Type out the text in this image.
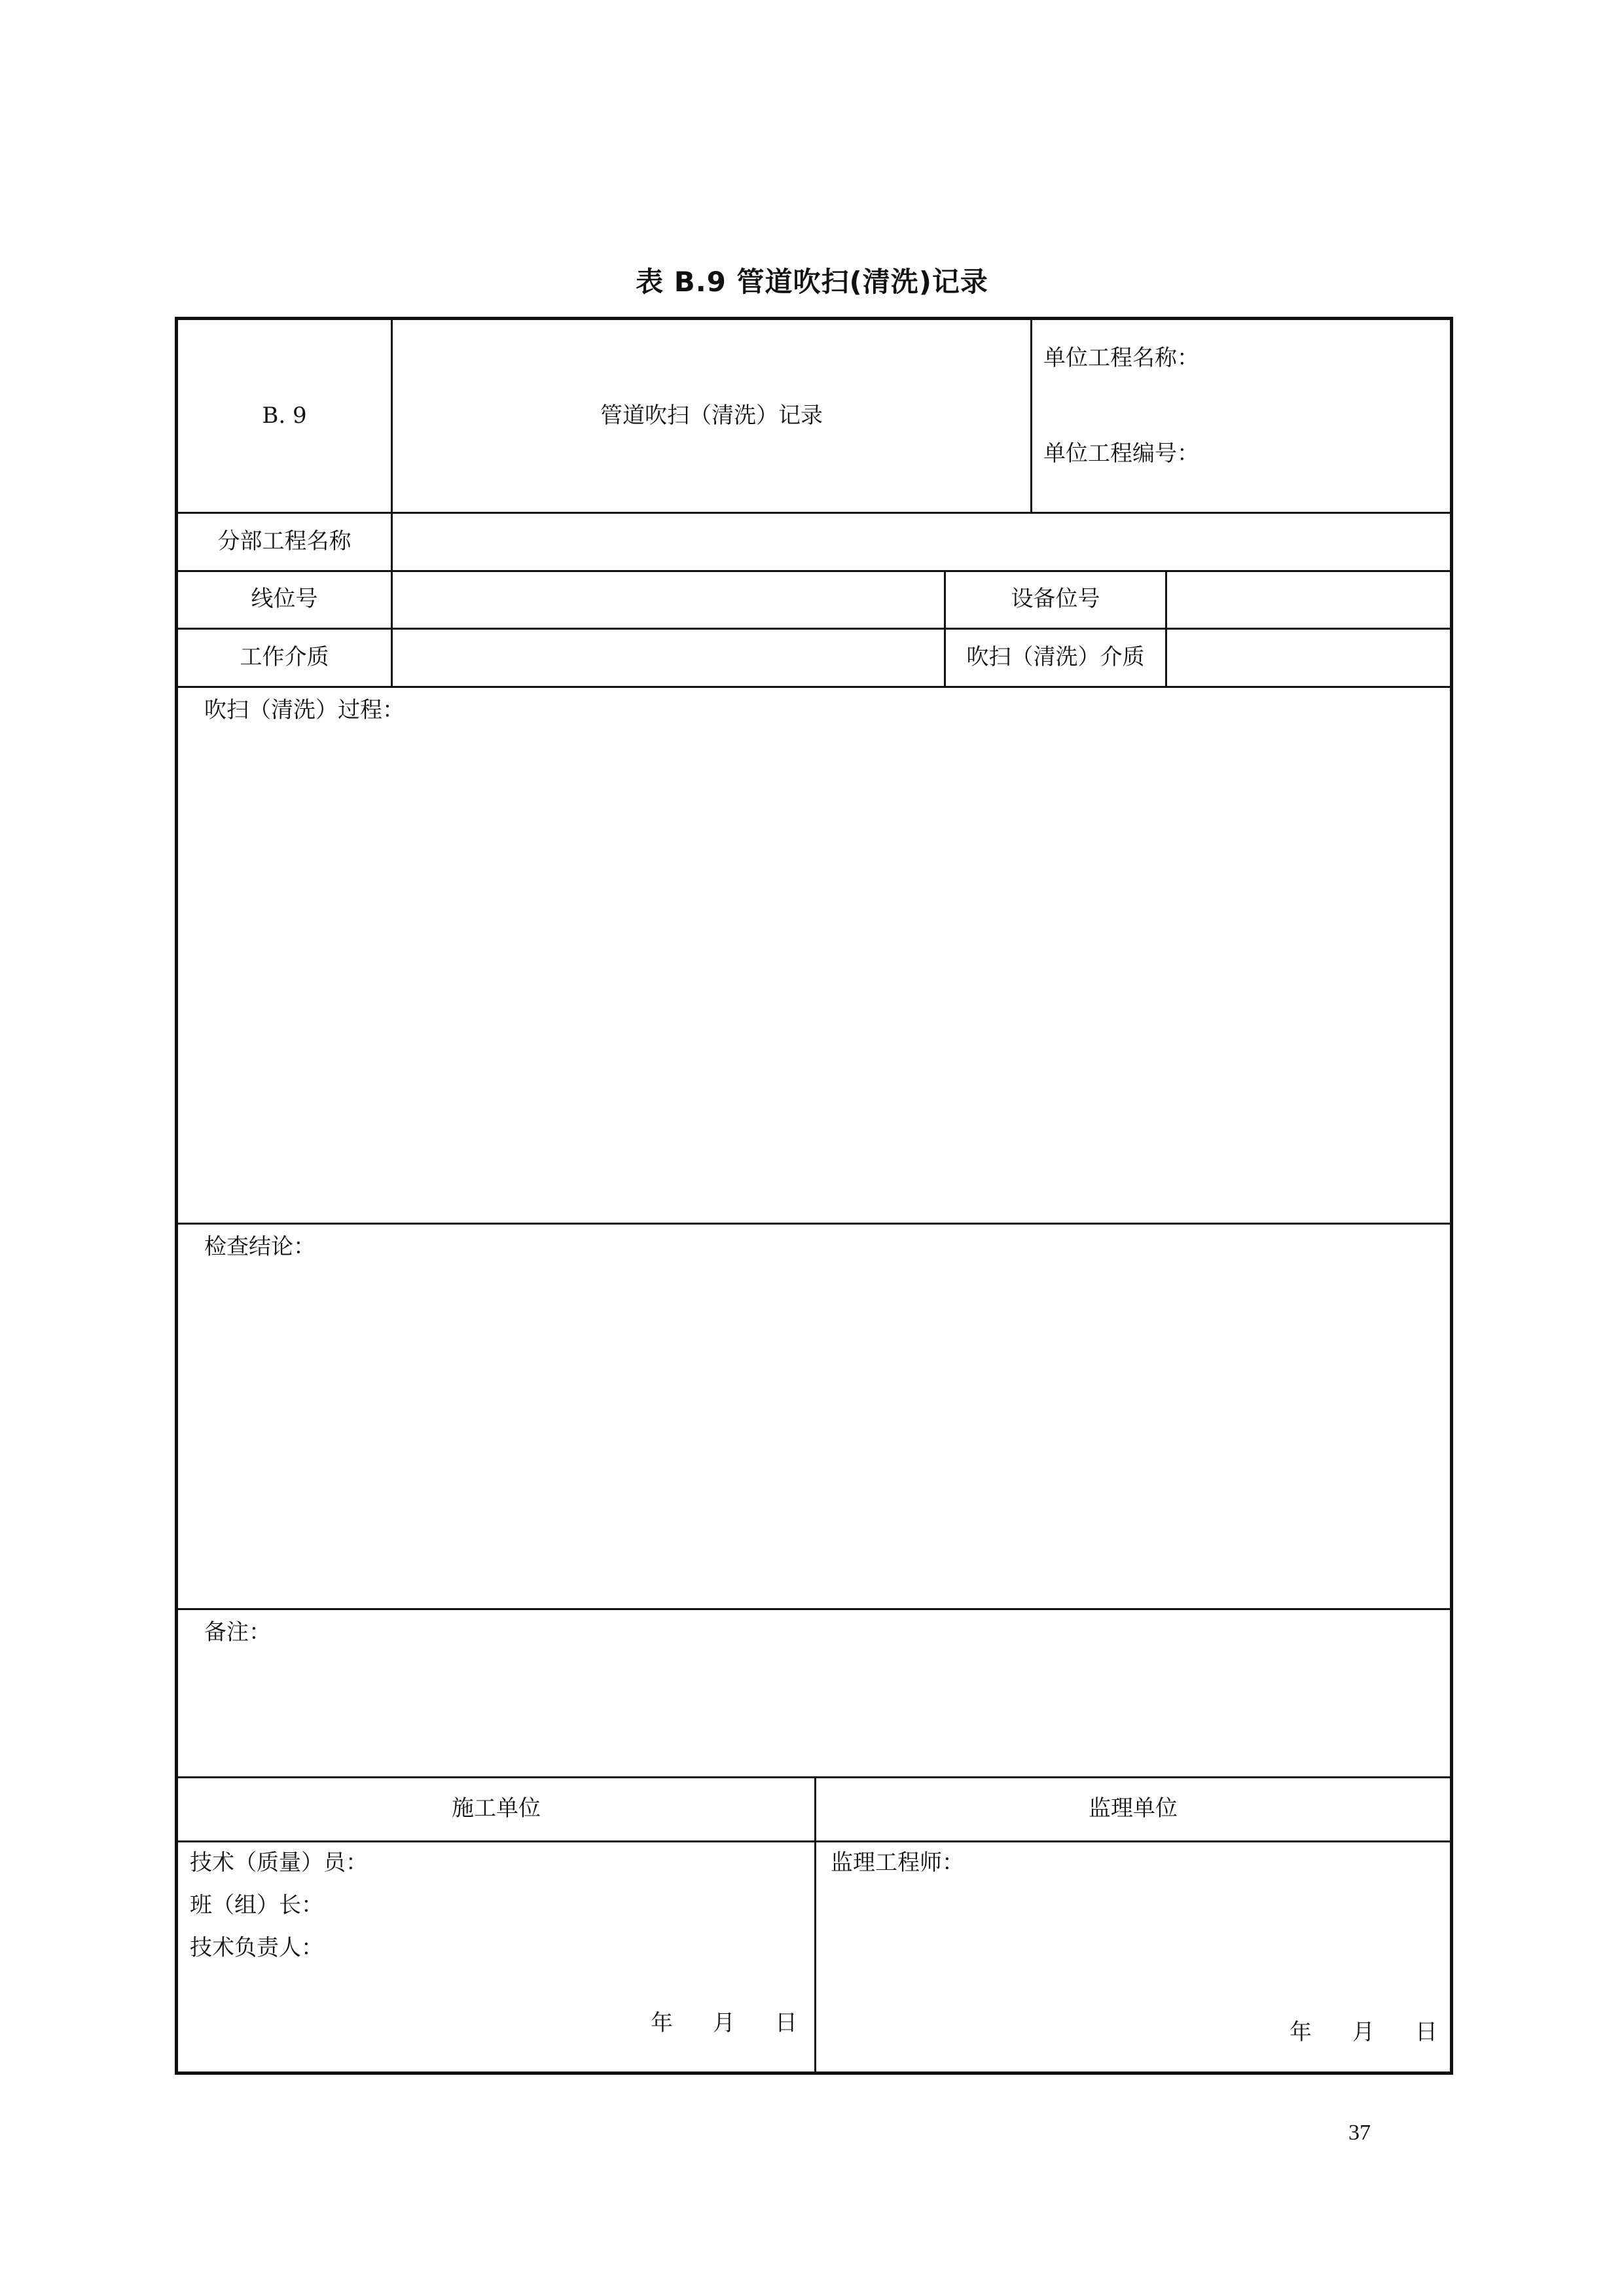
表 B.9 管道吹扫(清洗)记录
B. 9	管道吹扫（清洗）记录
单位工程名称：
单位工程编号：
分部工程名称
线位号	设备位号
工作介质	吹扫（清洗）介质
吹扫（清洗）过程：
检查结论：
备注：
施工单位	监理单位
技术（质量）员：
班（组）长：
技术负责人：
年 月 日
监理工程师：
年 月 日
37
